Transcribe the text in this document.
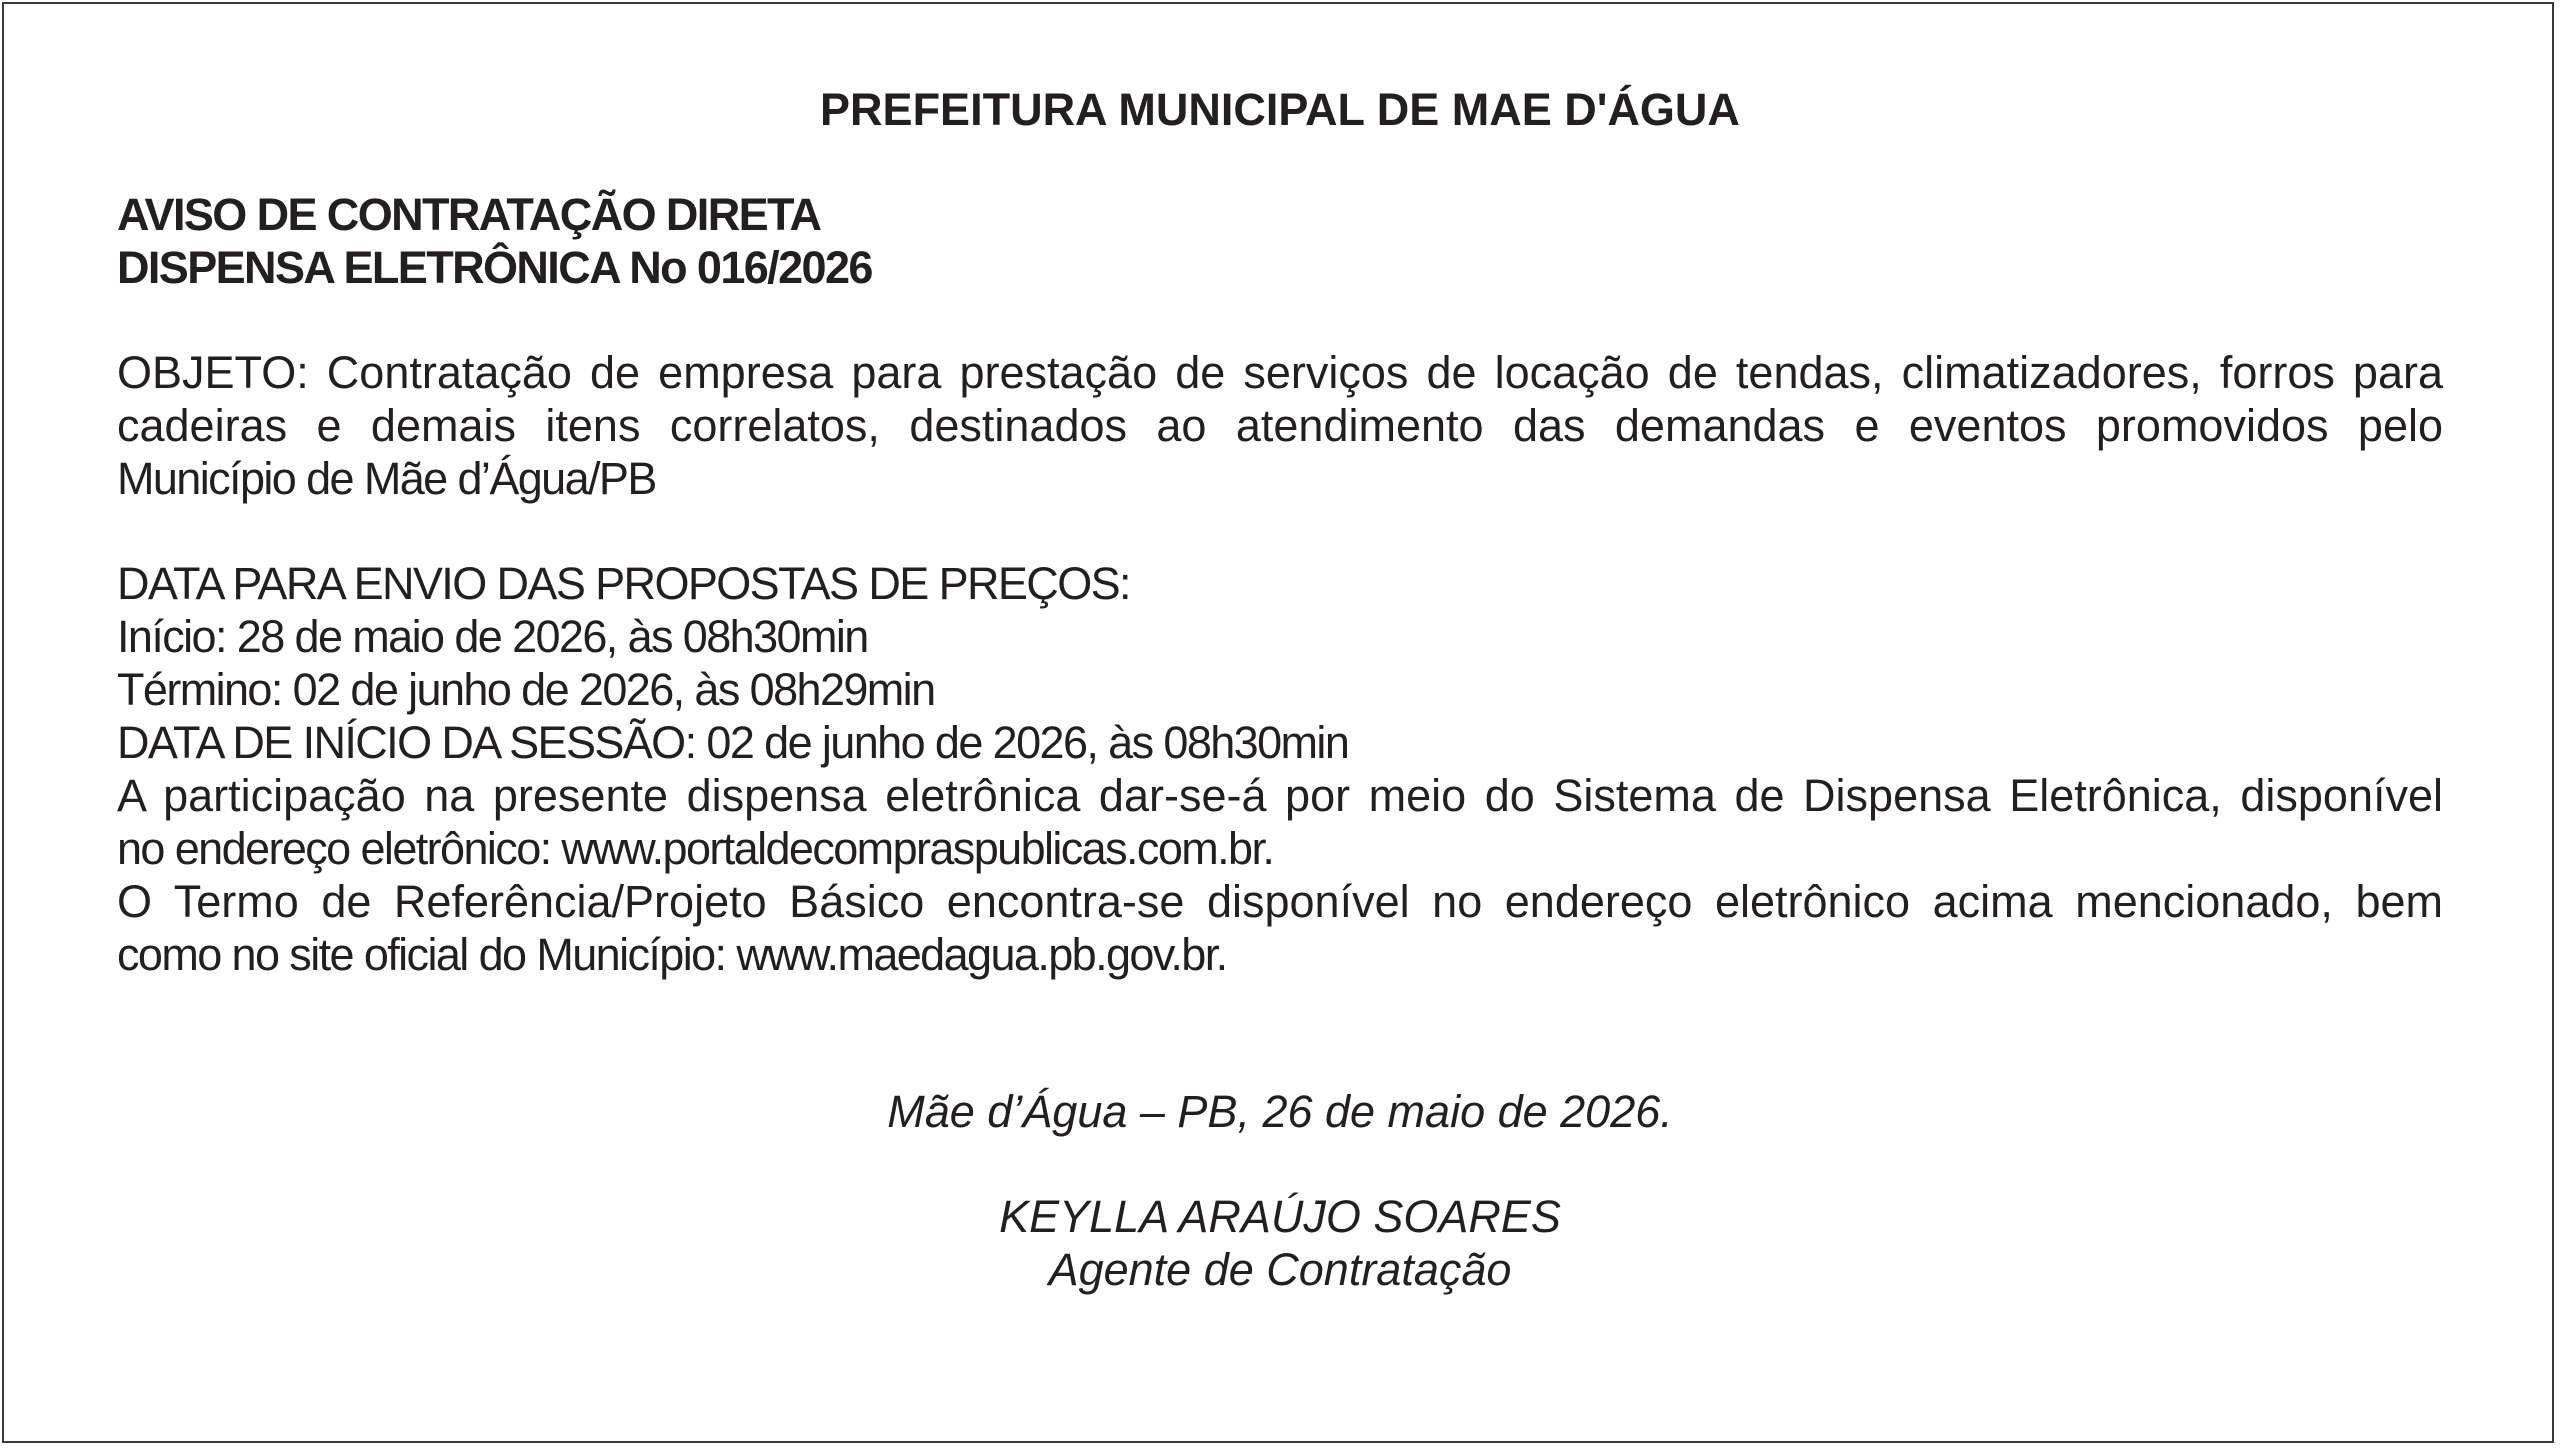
PREFEITURA MUNICIPAL DE MAE D'ÁGUA
AVISO DE CONTRATAÇÃO DIRETA
DISPENSA ELETRÔNICA No 016/2026
OBJETO: Contratação de empresa para prestação de serviços de locação de tendas, climatizadores, forros para
cadeiras e demais itens correlatos, destinados ao atendimento das demandas e eventos promovidos pelo
Município de Mãe d’Água/PB
DATA PARA ENVIO DAS PROPOSTAS DE PREÇOS:
Início: 28 de maio de 2026, às 08h30min
Término: 02 de junho de 2026, às 08h29min
DATA DE INÍCIO DA SESSÃO: 02 de junho de 2026, às 08h30min
A participação na presente dispensa eletrônica dar-se-á por meio do Sistema de Dispensa Eletrônica, disponível
no endereço eletrônico: www.portaldecompraspublicas.com.br.
O Termo de Referência/Projeto Básico encontra-se disponível no endereço eletrônico acima mencionado, bem
como no site oficial do Município: www.maedagua.pb.gov.br.
Mãe d’Água – PB, 26 de maio de 2026.
KEYLLA ARAÚJO SOARES
Agente de Contratação
